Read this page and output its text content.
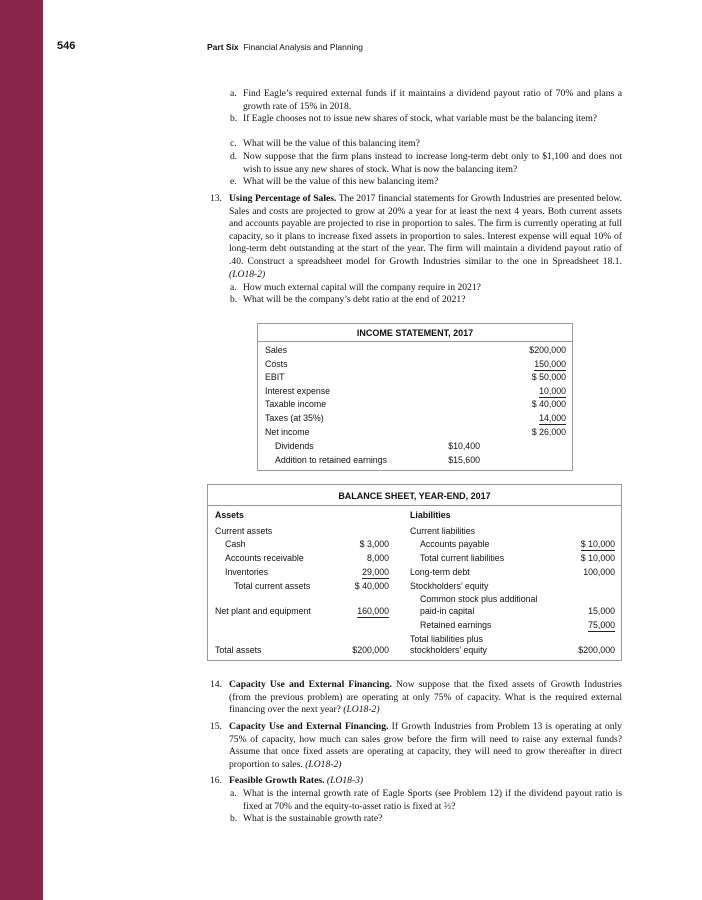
546	Part Six Financial Analysis and Planning
a. Find Eagle’s required external funds if it maintains a dividend payout ratio of 70% and plans a growth rate of 15% in 2018.
b. If Eagle chooses not to issue new shares of stock, what variable must be the balancing item?
c. What will be the value of this balancing item?
d. Now suppose that the firm plans instead to increase long-term debt only to $1,100 and does not wish to issue any new shares of stock. What is now the balancing item?
e. What will be the value of this new balancing item?
13. Using Percentage of Sales. The 2017 financial statements for Growth Industries are presented below. Sales and costs are projected to grow at 20% a year for at least the next 4 years. Both current assets and accounts payable are projected to rise in proportion to sales. The firm is currently operating at full capacity, so it plans to increase fixed assets in proportion to sales. Interest expense will equal 10% of long-term debt outstanding at the start of the year. The firm will maintain a dividend payout ratio of .40. Construct a spreadsheet model for Growth Industries similar to the one in Spreadsheet 18.1. (LO18-2)
a. How much external capital will the company require in 2021?
b. What will be the company’s debt ratio at the end of 2021?
INCOME STATEMENT, 2017
Sales	$200,000
Costs	150,000
EBIT	$ 50,000
Interest expense	10,000
Taxable income	$ 40,000
Taxes (at 35%)	14,000
Net income	$ 26,000
Dividends	$10,400
Addition to retained earnings	$15,600
BALANCE SHEET, YEAR-END, 2017
Assets	Liabilities
Current assets	Current liabilities
Cash	$ 3,000	Accounts payable	$ 10,000
Accounts receivable	8,000	Total current liabilities	$ 10,000
Inventories	29,000 Long-term debt	100,000
Total current assets	$ 40,000 Stockholders’ equity
Common stock plus additional
Net plant and equipment	160,000	paid-in capital	15,000
Retained earnings	75,000
Total liabilities plus
Total assets	$200,000 stockholders’ equity	$200,000
14. Capacity Use and External Financing. Now suppose that the fixed assets of Growth Industries (from the previous problem) are operating at only 75% of capacity. What is the required external financing over the next year? (LO18-2)
15. Capacity Use and External Financing. If Growth Industries from Problem 13 is operating at only 75% of capacity, how much can sales grow before the firm will need to raise any external funds? Assume that once fixed assets are operating at capacity, they will need to grow thereafter in direct proportion to sales. (LO18-2)
16. Feasible Growth Rates. (LO18-3)
a. What is the internal growth rate of Eagle Sports (see Problem 12) if the dividend payout ratio is fixed at 70% and the equity-to-asset ratio is fixed at ⅔?
b. What is the sustainable growth rate?
